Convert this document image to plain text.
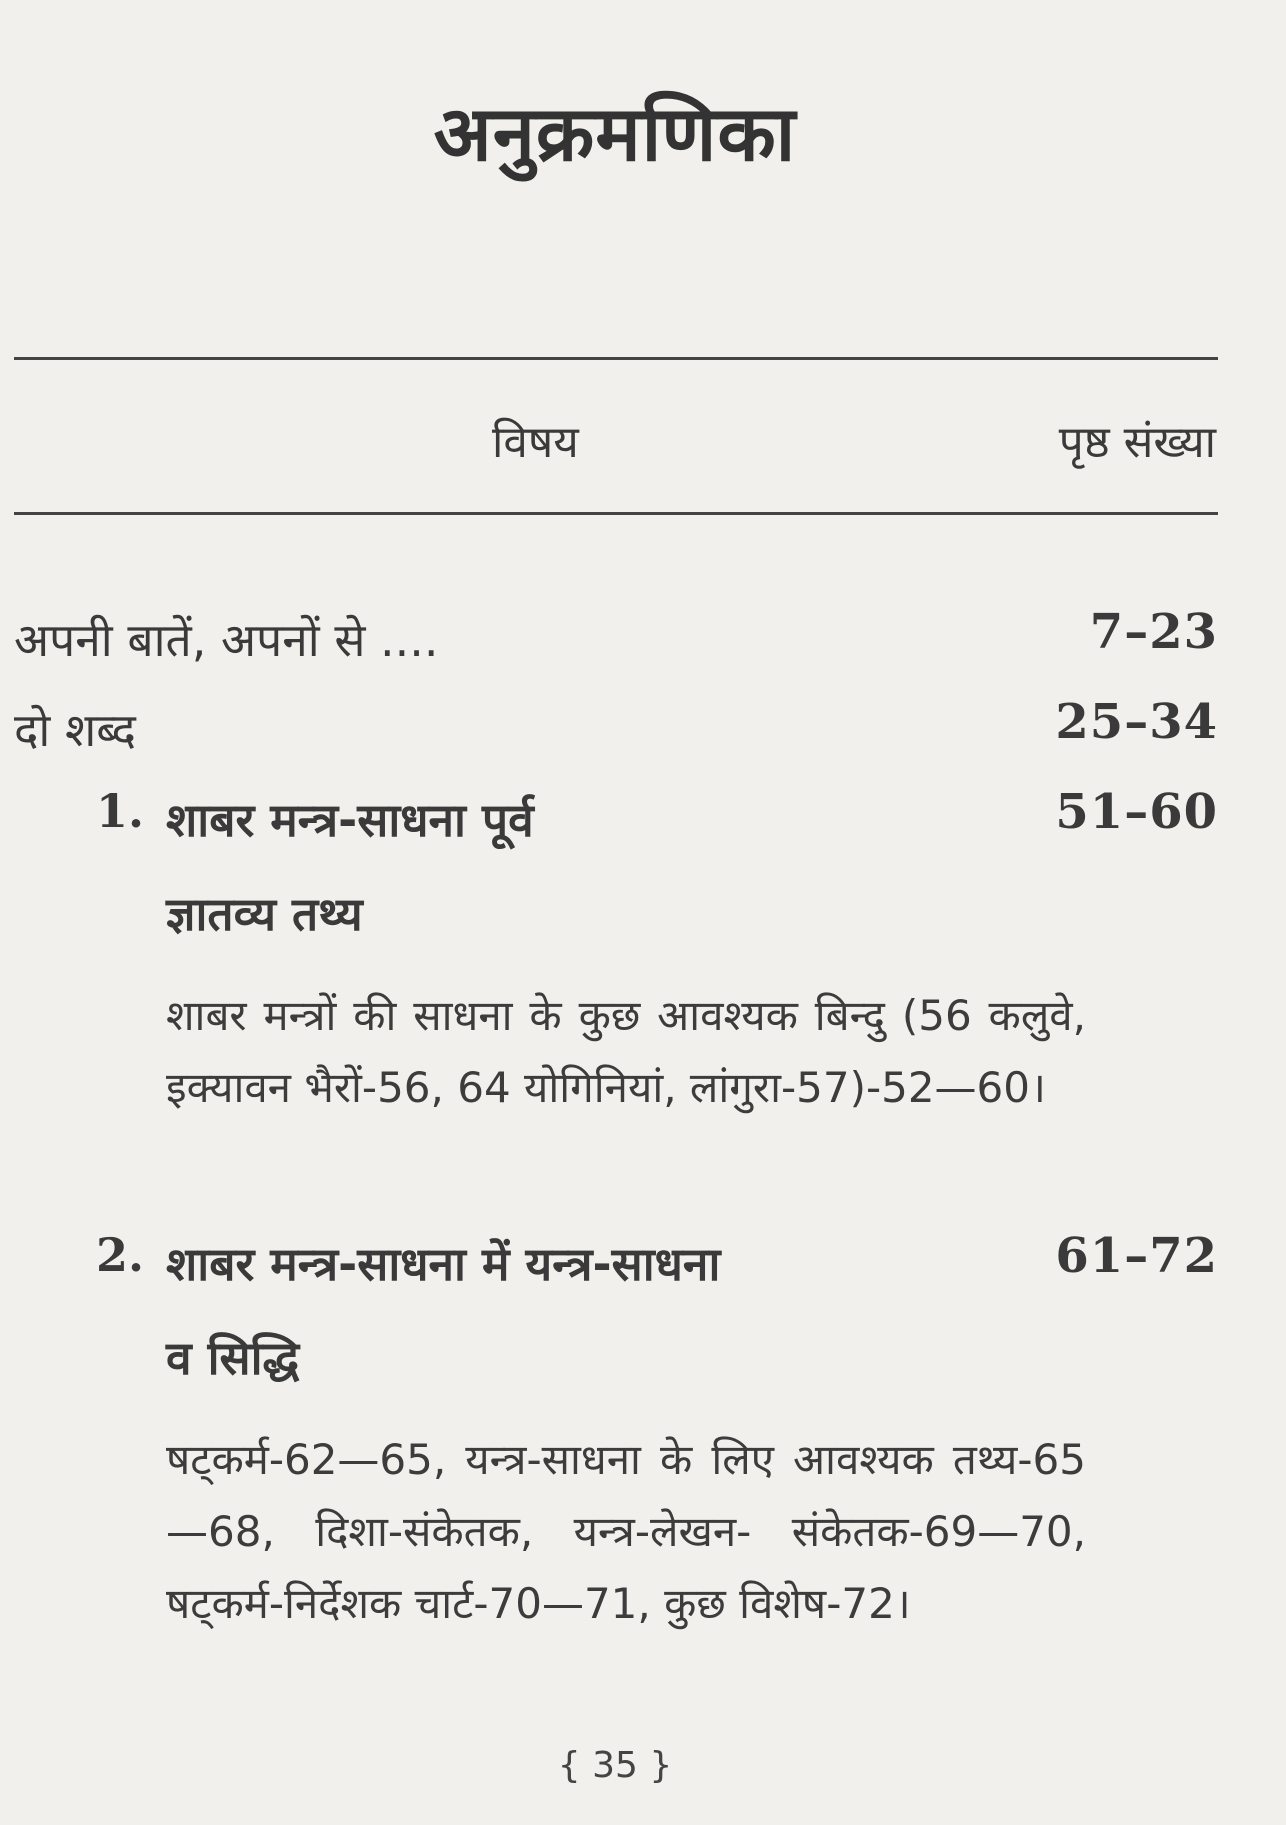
अनुक्रमणिका
विषय	पृष्ठ संख्या
अपनी बातें, अपनों से ....	7–23
दो शब्द	25–34
1. शाबर मन्त्र-साधना पूर्व	51–60
ज्ञातव्य तथ्य
शाबर मन्त्रों की साधना के कुछ आवश्यक बिन्दु (56 कलुवे, इक्यावन भैरों-56, 64 योगिनियां, लांगुरा-57)-52—60।
2. शाबर मन्त्र-साधना में यन्त्र-साधना	61–72
व सिद्धि
षट्कर्म-62—65, यन्त्र-साधना के लिए आवश्यक तथ्य-65—68, दिशा-संकेतक, यन्त्र-लेखन- संकेतक-69—70, षट्कर्म-निर्देशक चार्ट-70—71, कुछ विशेष-72।
{ 35 }
